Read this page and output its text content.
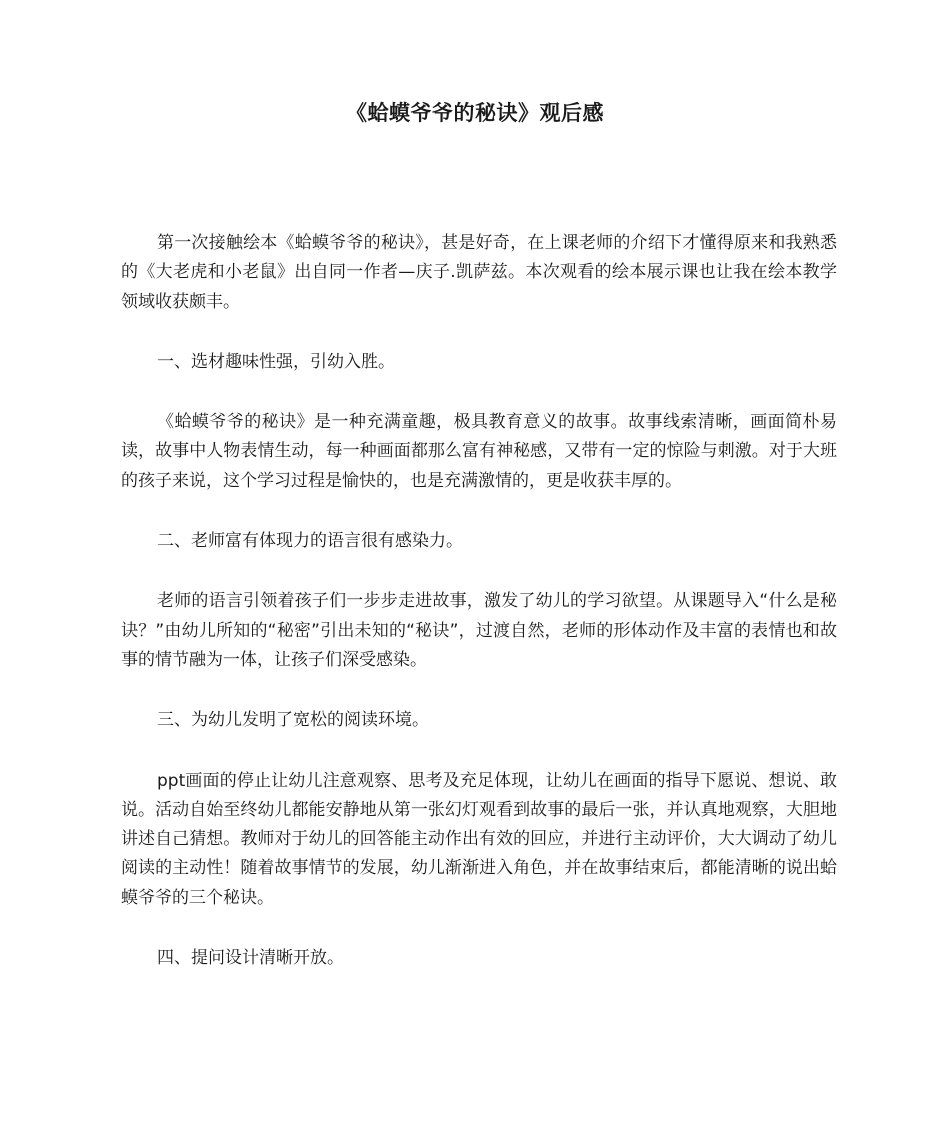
《蛤蟆爷爷的秘诀》观后感

第一次接触绘本《蛤蟆爷爷的秘诀》，甚是好奇，在上课老师的介绍下才懂得原来和我熟悉的《大老虎和小老鼠》出自同一作者—庆子.凯萨兹。本次观看的绘本展示课也让我在绘本教学领域收获颇丰。

一、选材趣味性强，引幼入胜。

《蛤蟆爷爷的秘诀》是一种充满童趣，极具教育意义的故事。故事线索清晰，画面简朴易读，故事中人物表情生动，每一种画面都那么富有神秘感，又带有一定的惊险与刺激。对于大班的孩子来说，这个学习过程是愉快的，也是充满激情的，更是收获丰厚的。

二、老师富有体现力的语言很有感染力。

老师的语言引领着孩子们一步步走进故事，激发了幼儿的学习欲望。从课题导入“什么是秘诀？”由幼儿所知的“秘密”引出未知的“秘诀”，过渡自然，老师的形体动作及丰富的表情也和故事的情节融为一体，让孩子们深受感染。

三、为幼儿发明了宽松的阅读环境。

ppt画面的停止让幼儿注意观察、思考及充足体现，让幼儿在画面的指导下愿说、想说、敢说。活动自始至终幼儿都能安静地从第一张幻灯观看到故事的最后一张，并认真地观察，大胆地讲述自己猜想。教师对于幼儿的回答能主动作出有效的回应，并进行主动评价，大大调动了幼儿阅读的主动性！随着故事情节的发展，幼儿渐渐进入角色，并在故事结束后，都能清晰的说出蛤蟆爷爷的三个秘诀。

四、提问设计清晰开放。
